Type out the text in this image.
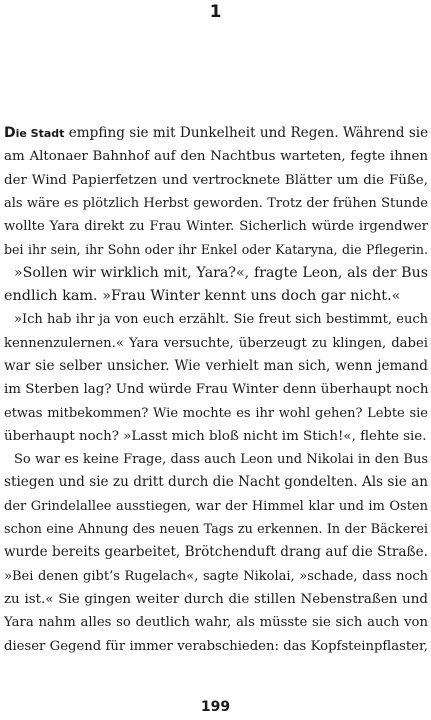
1
Die Stadt empfing sie mit Dunkelheit und Regen. Während sie
am Altonaer Bahnhof auf den Nachtbus warteten, fegte ihnen
der Wind Papierfetzen und vertrocknete Blätter um die Füße,
als wäre es plötzlich Herbst geworden. Trotz der frühen Stunde
wollte Yara direkt zu Frau Winter. Sicherlich würde irgendwer
bei ihr sein, ihr Sohn oder ihr Enkel oder Kataryna, die Pflegerin.
»Sollen wir wirklich mit, Yara?«, fragte Leon, als der Bus
endlich kam. »Frau Winter kennt uns doch gar nicht.«
»Ich hab ihr ja von euch erzählt. Sie freut sich bestimmt, euch
kennenzulernen.« Yara versuchte, überzeugt zu klingen, dabei
war sie selber unsicher. Wie verhielt man sich, wenn jemand
im Sterben lag? Und würde Frau Winter denn überhaupt noch
etwas mitbekommen? Wie mochte es ihr wohl gehen? Lebte sie
überhaupt noch? »Lasst mich bloß nicht im Stich!«, flehte sie.
So war es keine Frage, dass auch Leon und Nikolai in den Bus
stiegen und sie zu dritt durch die Nacht gondelten. Als sie an
der Grindelallee ausstiegen, war der Himmel klar und im Osten
schon eine Ahnung des neuen Tags zu erkennen. In der Bäckerei
wurde bereits gearbeitet, Brötchenduft drang auf die Straße.
»Bei denen gibt’s Rugelach«, sagte Nikolai, »schade, dass noch
zu ist.« Sie gingen weiter durch die stillen Nebenstraßen und
Yara nahm alles so deutlich wahr, als müsste sie sich auch von
dieser Gegend für immer verabschieden: das Kopfsteinpflaster,
199
